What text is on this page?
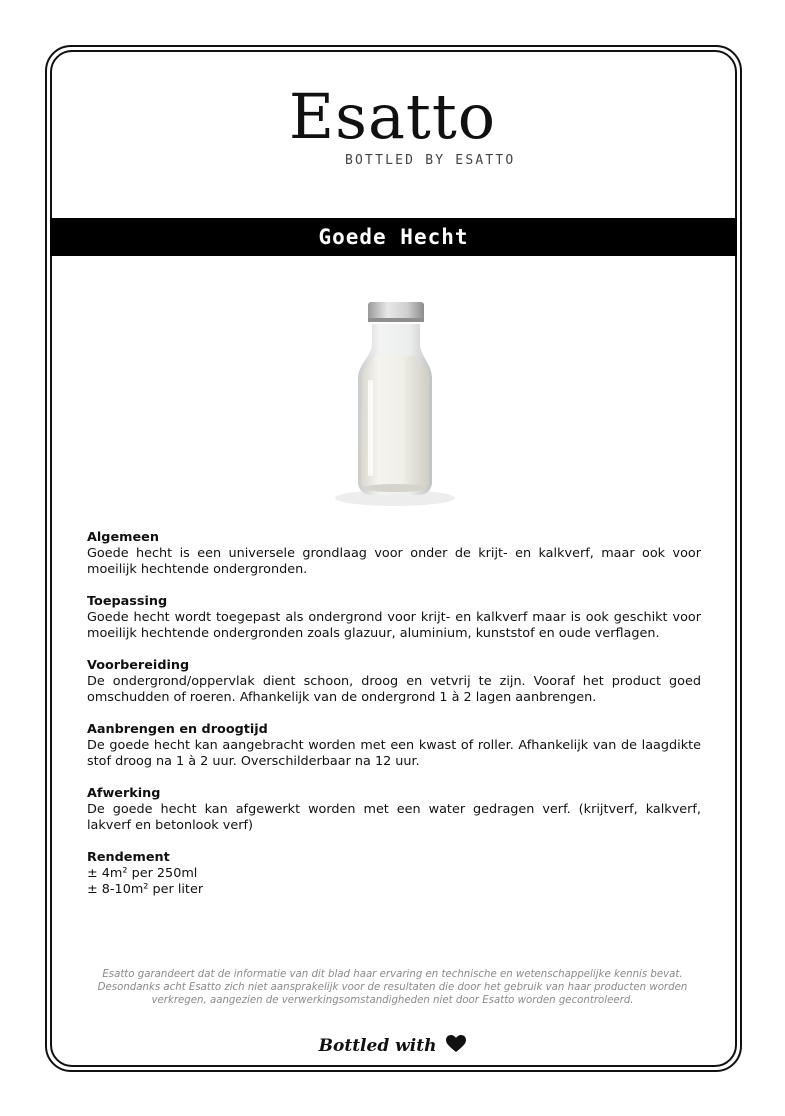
Esatto
BOTTLED BY ESATTO
Goede Hecht
Algemeen

Goede hecht is een universele grondlaag voor onder de krijt- en kalkverf, maar ook voor moeilijk hechtende ondergronden.

Toepassing

Goede hecht wordt toegepast als ondergrond voor krijt- en kalkverf maar is ook geschikt voor moeilijk hechtende ondergronden zoals glazuur, aluminium, kunststof en oude verflagen.

Voorbereiding

De ondergrond/oppervlak dient schoon, droog en vetvrij te zijn. Vooraf het product goed omschudden of roeren. Afhankelijk van de ondergrond 1 à 2 lagen aanbrengen.

Aanbrengen en droogtijd

De goede hecht kan aangebracht worden met een kwast of roller. Afhankelijk van de laagdikte stof droog na 1 à 2 uur. Overschilderbaar na 12 uur.

Afwerking

De goede hecht kan afgewerkt worden met een water gedragen verf. (krijtverf, kalkverf, lakverf en betonlook verf)

Rendement

± 4m² per 250ml

± 8-10m² per liter

Esatto garandeert dat de informatie van dit blad haar ervaring en technische en wetenschappelijke kennis bevat. Desondanks acht Esatto zich niet aansprakelijk voor de resultaten die door het gebruik van haar producten worden verkregen, aangezien de verwerkingsomstandigheden niet door Esatto worden gecontroleerd.
Bottled with
